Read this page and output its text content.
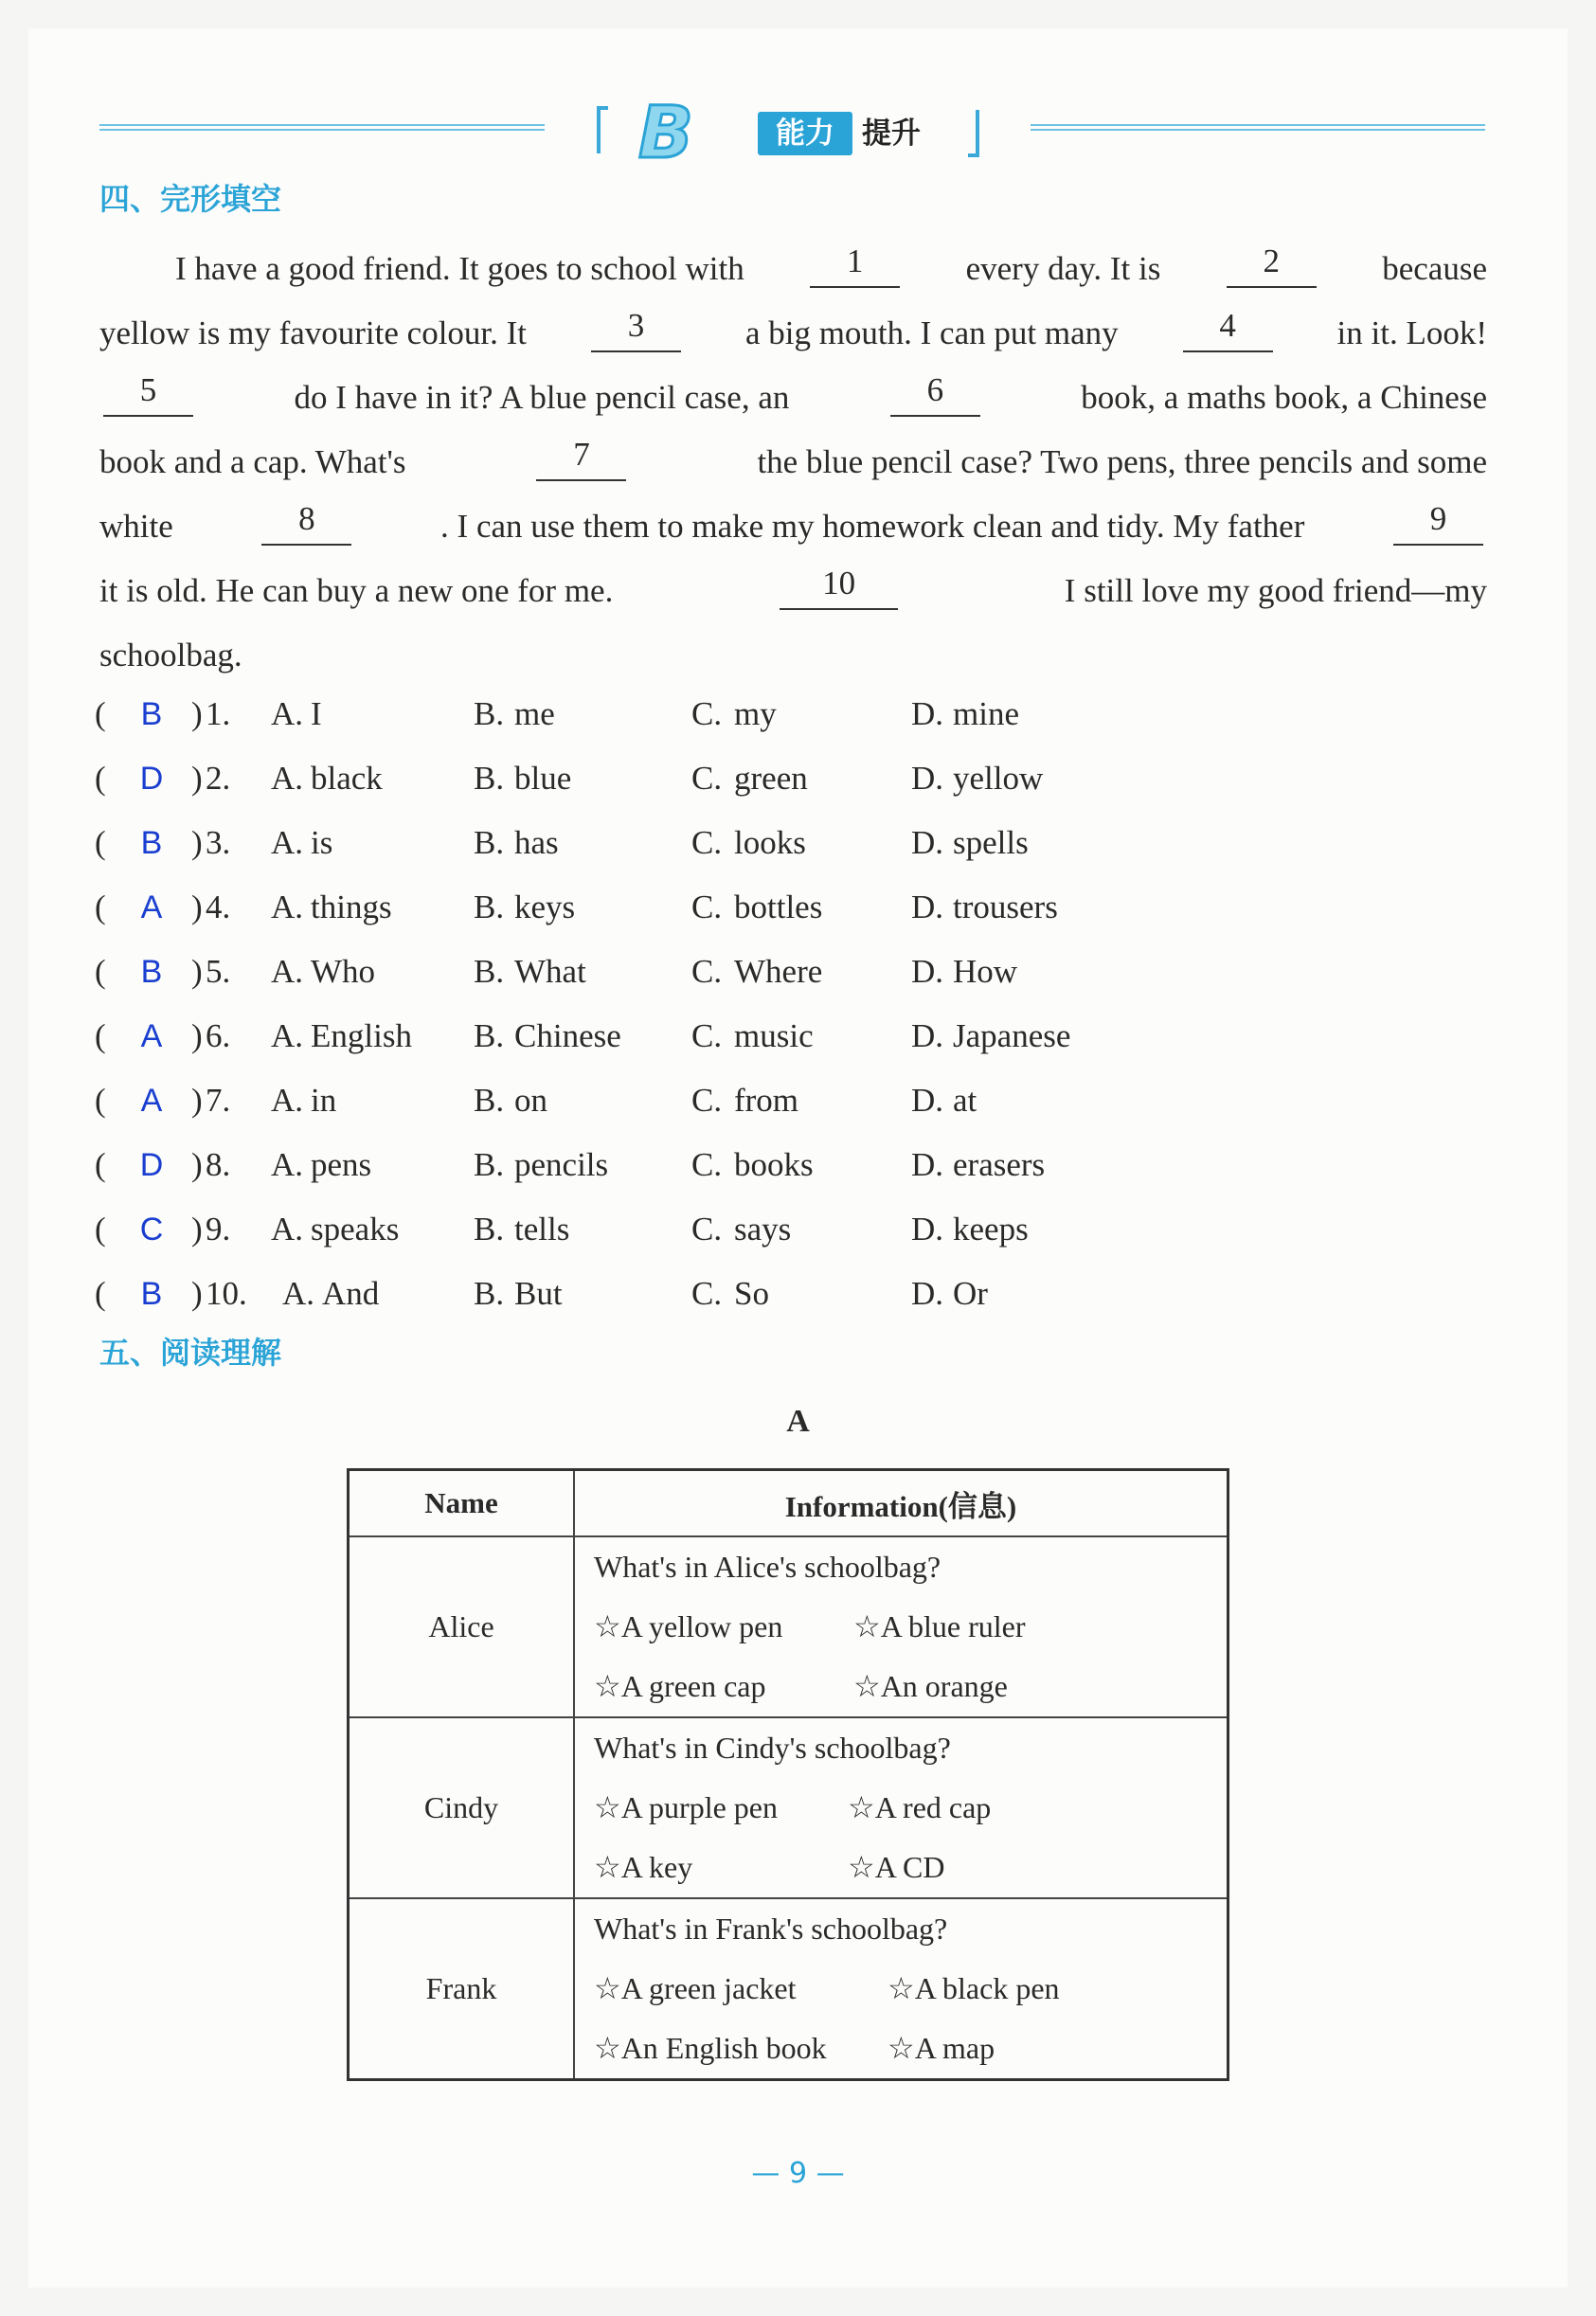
B	能力 提升
四、完形填空
I have a good friend. It goes to school with	1	every day. It is	2	because
yellow is my favourite colour. It	3	a big mouth. I can put many	4	in it. Look!
5	do I have in it? A blue pencil case, an	6	book, a maths book, a Chinese
book and a cap. What's	7	the blue pencil case? Two pens, three pencils and some
white	8	. I can use them to make my homework clean and tidy. My father	9
it is old. He can buy a new one for me.	10	I still love my good friend—my
schoolbag.
( B ) 1. A. I	B. me	C. my	D. mine
( D ) 2. A. black	B. blue	C. green	D. yellow
( B ) 3. A. is	B. has	C. looks	D. spells
( A ) 4. A. things B. keys	C. bottles	D. trousers
( B ) 5. A. Who	B. What	C. Where	D. How
( A ) 6. A. English B. Chinese C. music	D. Japanese
( A ) 7. A. in	B. on	C. from	D. at
( D ) 8. A. pens	B. pencils	C. books	D. erasers
( C ) 9. A. speaks B. tells	C. says	D. keeps
( B ) 10. A. And	B. But	C. So	D. Or
五、阅读理解
A
Name	Information(信息)
Alice	What's in Alice's schoolbag?
☆A yellow pen ☆A blue ruler
☆A green cap ☆An orange

Cindy	What's in Cindy's schoolbag?
☆A purple pen ☆A red cap
☆A key ☆A CD

Frank	What's in Frank's schoolbag?
☆A green jacket ☆A black pen
☆An English book ☆A map
— 9 —
